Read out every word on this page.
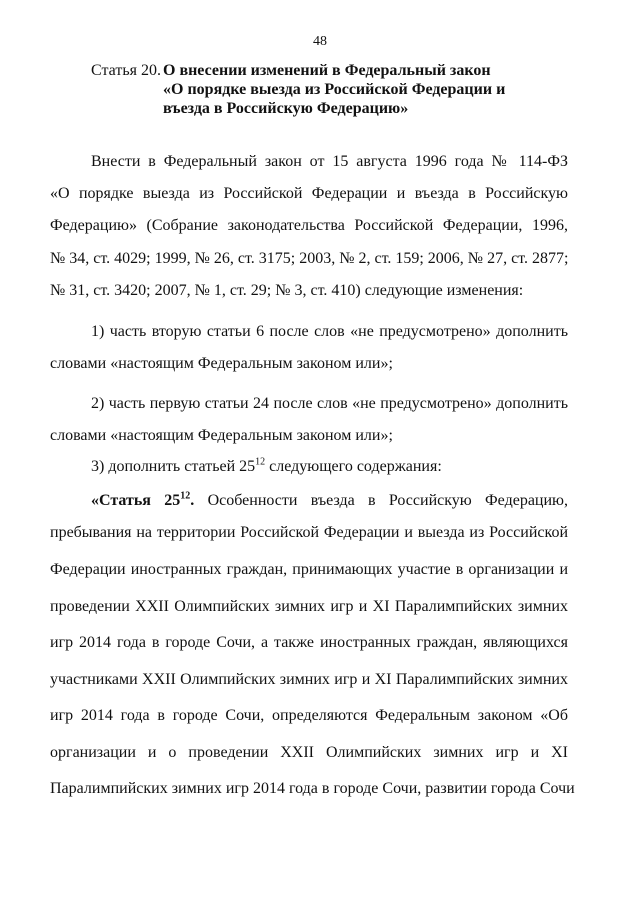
48
Статья 20. О внесении изменений в Федеральный закон
«О порядке выезда из Российской Федерации и
въезда в Российскую Федерацию»
Внести в Федеральный закон от 15 августа 1996 года № 114-ФЗ
«О порядке выезда из Российской Федерации и въезда в Российскую
Федерацию» (Собрание законодательства Российской Федерации, 1996,
№ 34, ст. 4029; 1999, № 26, ст. 3175; 2003, № 2, ст. 159; 2006, № 27, ст. 2877;
№ 31, ст. 3420; 2007, № 1, ст. 29; № 3, ст. 410) следующие изменения:
1) часть вторую статьи 6 после слов «не предусмотрено» дополнить
словами «настоящим Федеральным законом или»;
2) часть первую статьи 24 после слов «не предусмотрено» дополнить
словами «настоящим Федеральным законом или»;
3) дополнить статьей $25^{12}$ следующего содержания:
«Статья $25^{12}$. Особенности въезда в Российскую Федерацию,
пребывания на территории Российской Федерации и выезда из Российской
Федерации иностранных граждан, принимающих участие в организации и
проведении XXII Олимпийских зимних игр и XI Паралимпийских зимних
игр 2014 года в городе Сочи, а также иностранных граждан, являющихся
участниками XXII Олимпийских зимних игр и XI Паралимпийских зимних
игр 2014 года в городе Сочи, определяются Федеральным законом «Об
организации и о проведении XXII Олимпийских зимних игр и XI
Паралимпийских зимних игр 2014 года в городе Сочи, развитии города Сочи
